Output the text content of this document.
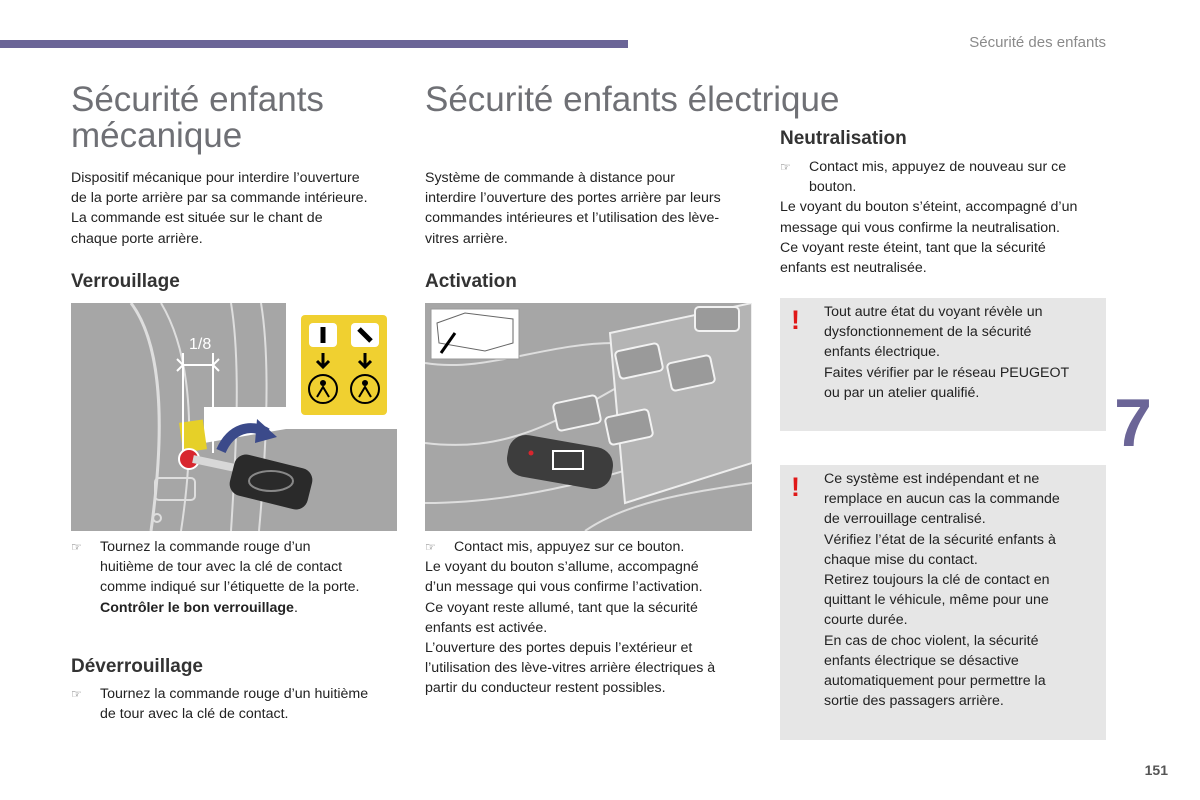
Sécurité des enfants
Sécurité enfants
mécanique
Dispositif mécanique pour interdire l’ouverture
de la porte arrière par sa commande intérieure.
La commande est située sur le chant de
chaque porte arrière.
Verrouillage
1/8
☞	Tournez la commande rouge d’un
huitième de tour avec la clé de contact
comme indiqué sur l’étiquette de la porte.
Contrôler le bon verrouillage.
Déverrouillage
☞	Tournez la commande rouge d’un huitième
de tour avec la clé de contact.
Sécurité enfants électrique
Système de commande à distance pour
interdire l’ouverture des portes arrière par leurs
commandes intérieures et l’utilisation des lève-
vitres arrière.
Activation
☞	Contact mis, appuyez sur ce bouton.
Le voyant du bouton s’allume, accompagné
d’un message qui vous confirme l’activation.
Ce voyant reste allumé, tant que la sécurité
enfants est activée.
L’ouverture des portes depuis l’extérieur et
l’utilisation des lève-vitres arrière électriques à
partir du conducteur restent possibles.
Neutralisation
☞	Contact mis, appuyez de nouveau sur ce
bouton.
Le voyant du bouton s’éteint, accompagné d’un
message qui vous confirme la neutralisation.
Ce voyant reste éteint, tant que la sécurité
enfants est neutralisée.
! Tout autre état du voyant révèle un
dysfonctionnement de la sécurité
enfants électrique.
Faites vérifier par le réseau PEUGEOT
ou par un atelier qualifié.
! Ce système est indépendant et ne
remplace en aucun cas la commande
de verrouillage centralisé.
Vérifiez l’état de la sécurité enfants à
chaque mise du contact.
Retirez toujours la clé de contact en
quittant le véhicule, même pour une
courte durée.
En cas de choc violent, la sécurité
enfants électrique se désactive
automatiquement pour permettre la
sortie des passagers arrière.
7
151
